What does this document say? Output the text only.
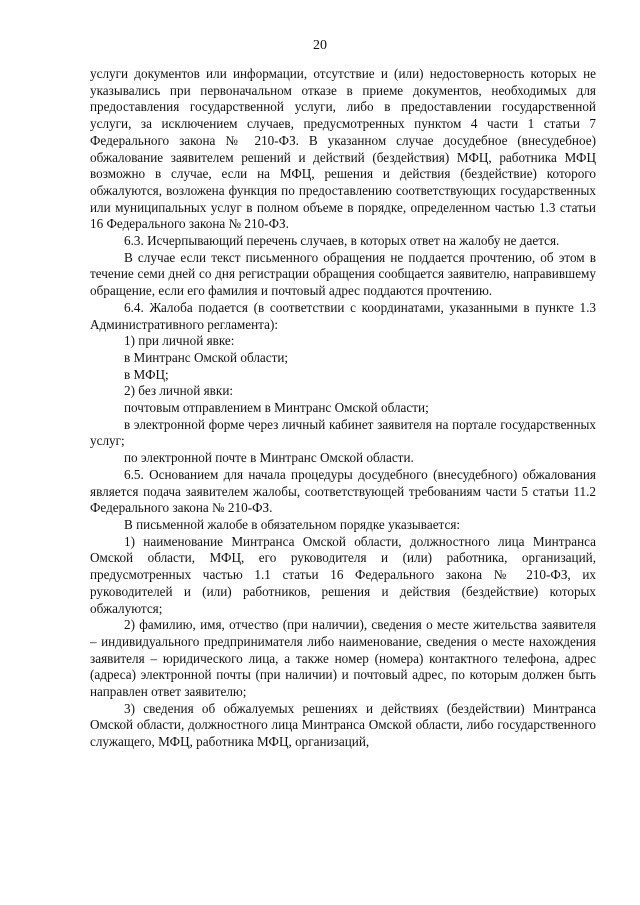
20

услуги документов или информации, отсутствие и (или) недостоверность которых не указывались при первоначальном отказе в приеме документов, необходимых для предоставления государственной услуги, либо в предоставлении государственной услуги, за исключением случаев, предусмотренных пунктом 4 части 1 статьи 7 Федерального закона № 210-ФЗ. В указанном случае досудебное (внесудебное) обжалование заявителем решений и действий (бездействия) МФЦ, работника МФЦ возможно в случае, если на МФЦ, решения и действия (бездействие) которого обжалуются, возложена функция по предоставлению соответствующих государственных или муниципальных услуг в полном объеме в порядке, определенном частью 1.3 статьи 16 Федерального закона № 210-ФЗ.

6.3. Исчерпывающий перечень случаев, в которых ответ на жалобу не дается.

В случае если текст письменного обращения не поддается прочтению, об этом в течение семи дней со дня регистрации обращения сообщается заявителю, направившему обращение, если его фамилия и почтовый адрес поддаются прочтению.

6.4. Жалоба подается (в соответствии с координатами, указанными в пункте 1.3 Административного регламента):

1) при личной явке:

в Минтранс Омской области;

в МФЦ;

2) без личной явки:

почтовым отправлением в Минтранс Омской области;

в электронной форме через личный кабинет заявителя на портале государственных услуг;

по электронной почте в Минтранс Омской области.

6.5. Основанием для начала процедуры досудебного (внесудебного) обжалования является подача заявителем жалобы, соответствующей требованиям части 5 статьи 11.2 Федерального закона № 210-ФЗ.

В письменной жалобе в обязательном порядке указывается:

1) наименование Минтранса Омской области, должностного лица Минтранса Омской области, МФЦ, его руководителя и (или) работника, организаций, предусмотренных частью 1.1 статьи 16 Федерального закона № 210-ФЗ, их руководителей и (или) работников, решения и действия (бездействие) которых обжалуются;

2) фамилию, имя, отчество (при наличии), сведения о месте жительства заявителя – индивидуального предпринимателя либо наименование, сведения о месте нахождения заявителя – юридического лица, а также номер (номера) контактного телефона, адрес (адреса) электронной почты (при наличии) и почтовый адрес, по которым должен быть направлен ответ заявителю;

3) сведения об обжалуемых решениях и действиях (бездействии) Минтранса Омской области, должностного лица Минтранса Омской области, либо государственного служащего, МФЦ, работника МФЦ, организаций,
